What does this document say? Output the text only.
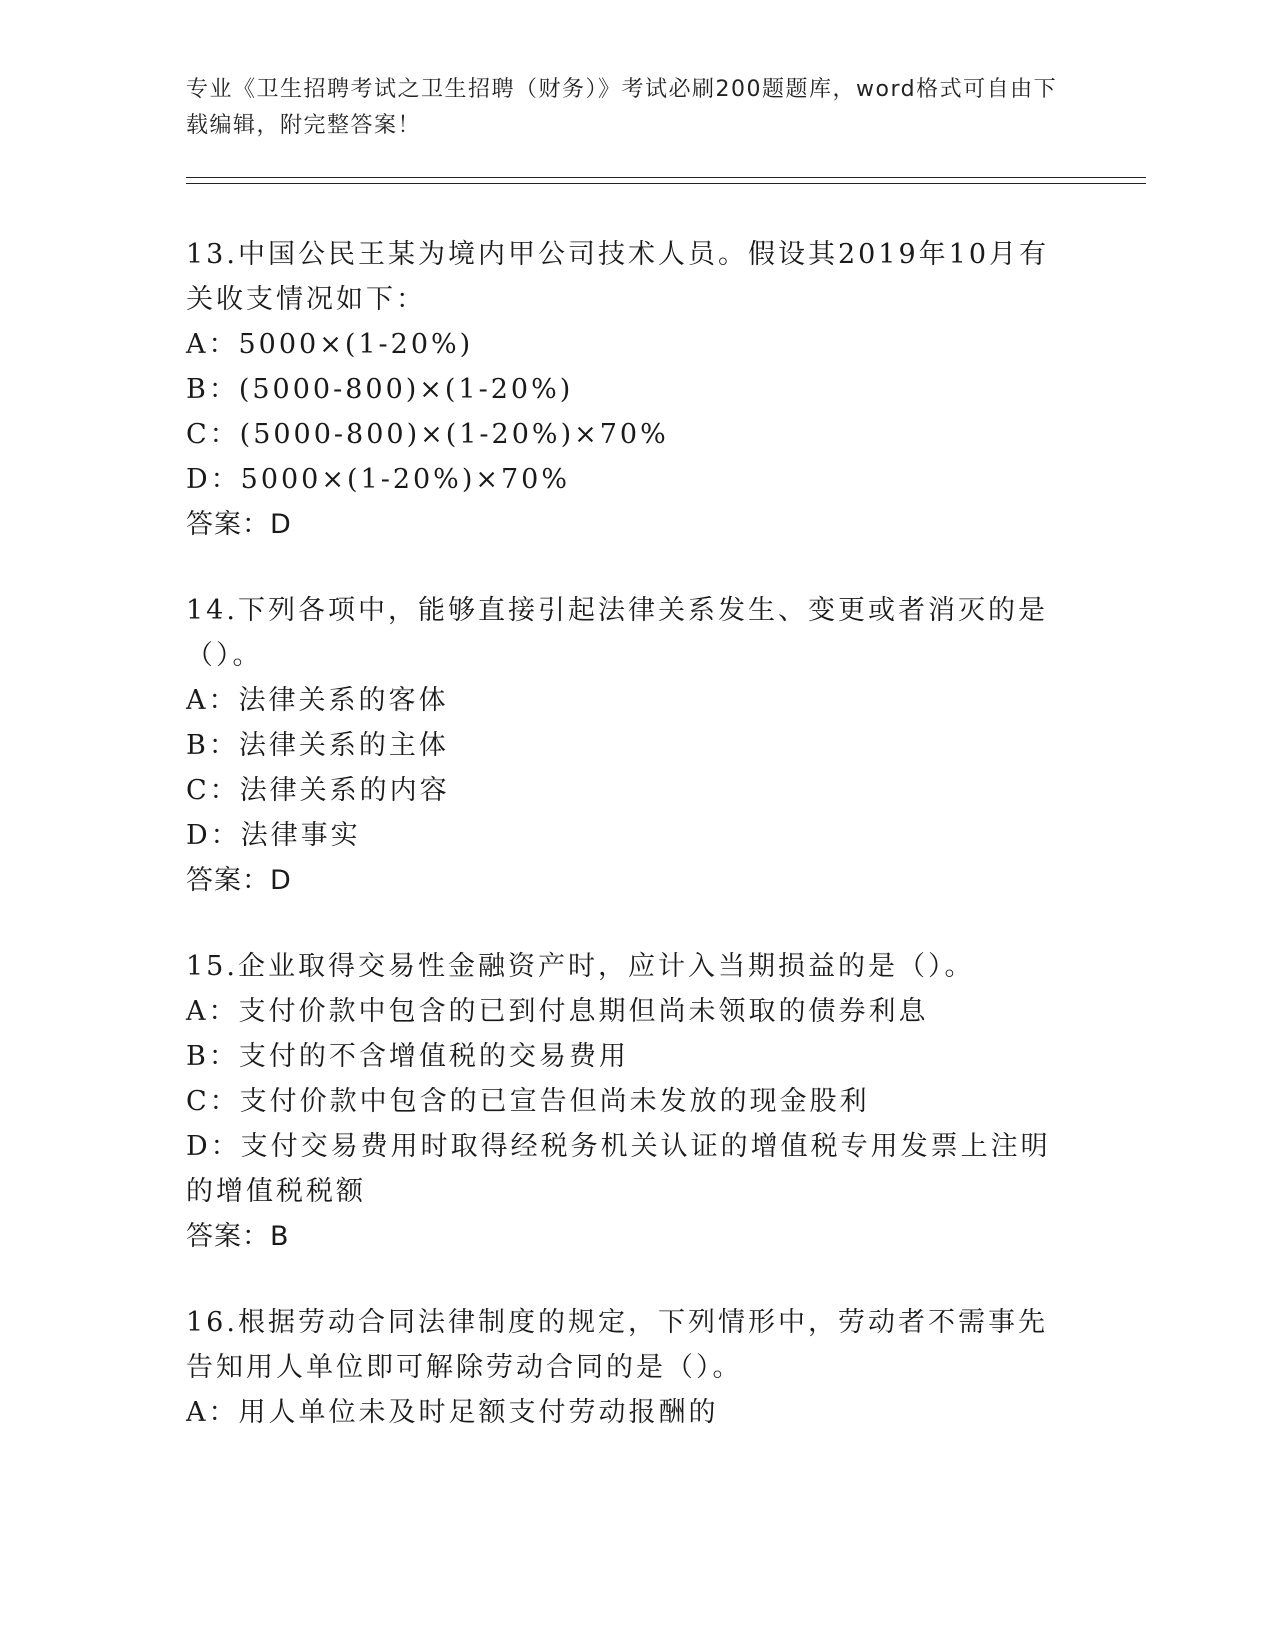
专业《卫生招聘考试之卫生招聘（财务）》考试必刷200题题库，word格式可自由下载编辑，附完整答案！
13.中国公民王某为境内甲公司技术人员。假设其2019年10月有关收支情况如下：
A：5000×(1-20%)
B：(5000-800)×(1-20%)
C：(5000-800)×(1-20%)×70%
D：5000×(1-20%)×70%
答案：D
14.下列各项中，能够直接引起法律关系发生、变更或者消灭的是（）。
A：法律关系的客体
B：法律关系的主体
C：法律关系的内容
D：法律事实
答案：D
15.企业取得交易性金融资产时，应计入当期损益的是（）。
A：支付价款中包含的已到付息期但尚未领取的债券利息
B：支付的不含增值税的交易费用
C：支付价款中包含的已宣告但尚未发放的现金股利
D：支付交易费用时取得经税务机关认证的增值税专用发票上注明的增值税税额
答案：B
16.根据劳动合同法律制度的规定，下列情形中，劳动者不需事先告知用人单位即可解除劳动合同的是（）。
A：用人单位未及时足额支付劳动报酬的
